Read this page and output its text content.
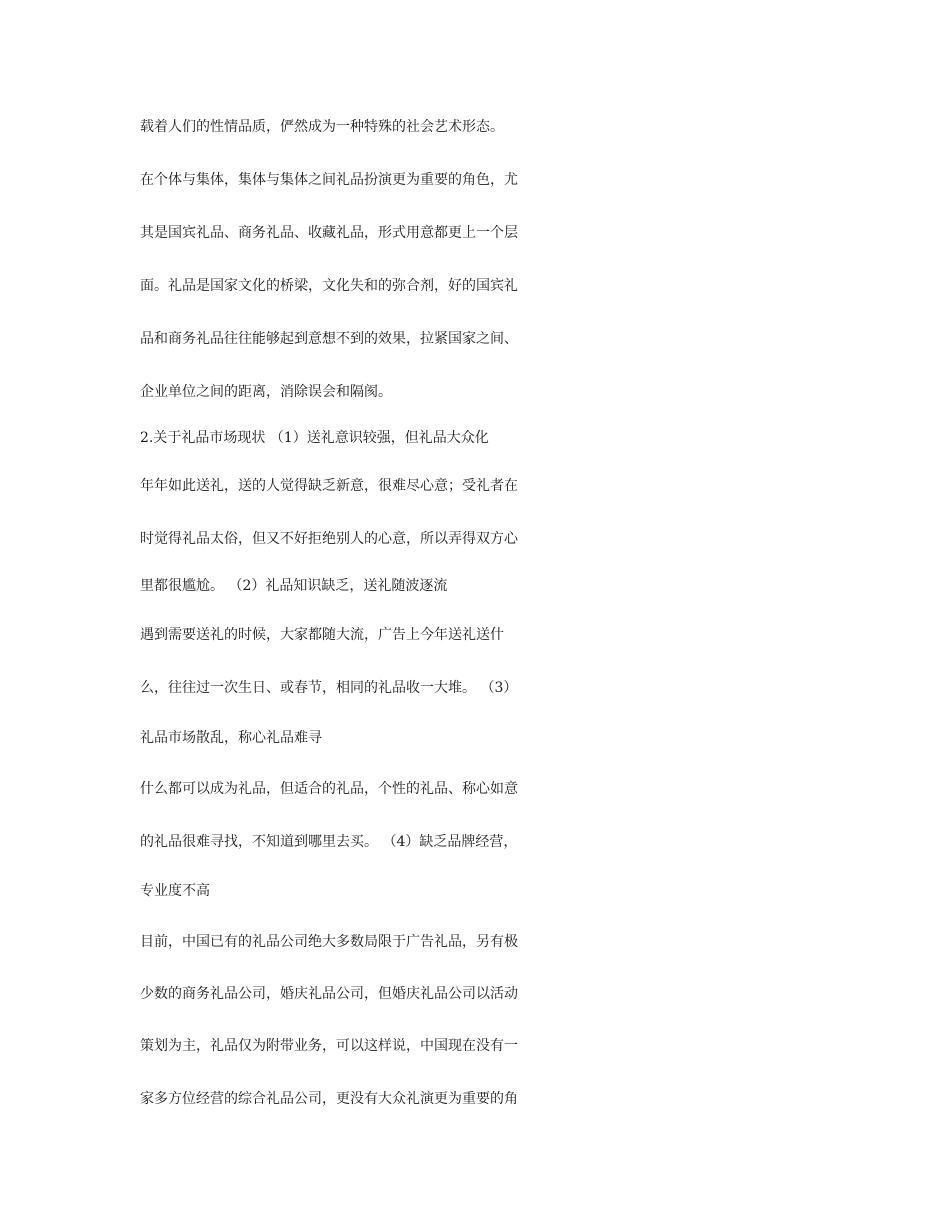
载着人们的性情品质，俨然成为一种特殊的社会艺术形态。
在个体与集体，集体与集体之间礼品扮演更为重要的角色，尤
其是国宾礼品、商务礼品、收藏礼品，形式用意都更上一个层
面。礼品是国家文化的桥梁，文化失和的弥合剂，好的国宾礼
品和商务礼品往往能够起到意想不到的效果，拉紧国家之间、
企业单位之间的距离，消除误会和隔阂。
2.关于礼品市场现状 （1）送礼意识较强，但礼品大众化
年年如此送礼，送的人觉得缺乏新意，很难尽心意；受礼者在
时觉得礼品太俗，但又不好拒绝别人的心意，所以弄得双方心
里都很尴尬。 （2）礼品知识缺乏，送礼随波逐流
遇到需要送礼的时候，大家都随大流，广告上今年送礼送什
么，往往过一次生日、或春节，相同的礼品收一大堆。 （3）
礼品市场散乱，称心礼品难寻
什么都可以成为礼品，但适合的礼品，个性的礼品、称心如意
的礼品很难寻找，不知道到哪里去买。 （4）缺乏品牌经营，
专业度不高
目前，中国已有的礼品公司绝大多数局限于广告礼品，另有极
少数的商务礼品公司，婚庆礼品公司，但婚庆礼品公司以活动
策划为主，礼品仅为附带业务，可以这样说，中国现在没有一
家多方位经营的综合礼品公司，更没有大众礼演更为重要的角
